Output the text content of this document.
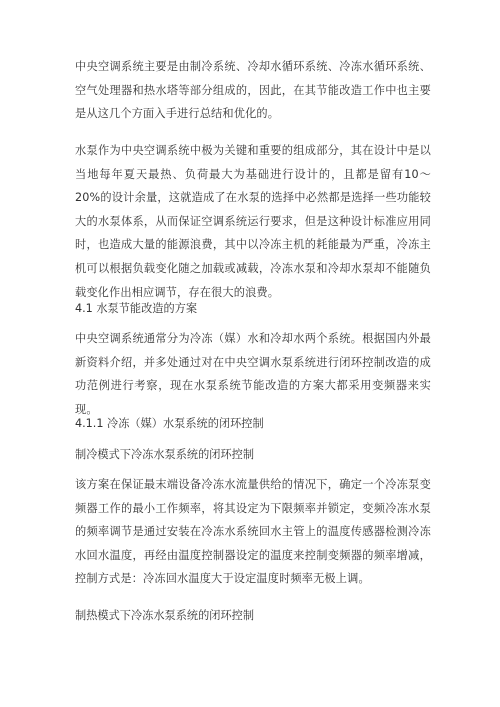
中央空调系统主要是由制冷系统、冷却水循环系统、冷冻水循环系统、空气处理器和热水塔等部分组成的，因此，在其节能改造工作中也主要是从这几个方面入手进行总结和优化的。

水泵作为中央空调系统中极为关键和重要的组成部分，其在设计中是以当地每年夏天最热、负荷最大为基础进行设计的，且都是留有10～20%的设计余量，这就造成了在水泵的选择中必然都是选择一些功能较大的水泵体系，从而保证空调系统运行要求，但是这种设计标准应用同时，也造成大量的能源浪费，其中以冷冻主机的耗能最为严重，冷冻主机可以根据负载变化随之加载或减载，冷冻水泵和冷却水泵却不能随负载变化作出相应调节，存在很大的浪费。

4.1 水泵节能改造的方案

中央空调系统通常分为冷冻（媒）水和冷却水两个系统。根据国内外最新资料介绍，并多处通过对在中央空调水泵系统进行闭环控制改造的成功范例进行考察，现在水泵系统节能改造的方案大都采用变频器来实现。

4.1.1 冷冻（媒）水泵系统的闭环控制
制冷模式下冷冻水泵系统的闭环控制

该方案在保证最末端设备冷冻水流量供给的情况下，确定一个冷冻泵变频器工作的最小工作频率，将其设定为下限频率并锁定，变频冷冻水泵的频率调节是通过安装在冷冻水系统回水主管上的温度传感器检测冷冻水回水温度，再经由温度控制器设定的温度来控制变频器的频率增减，控制方式是：冷冻回水温度大于设定温度时频率无极上调。

制热模式下冷冻水泵系统的闭环控制
